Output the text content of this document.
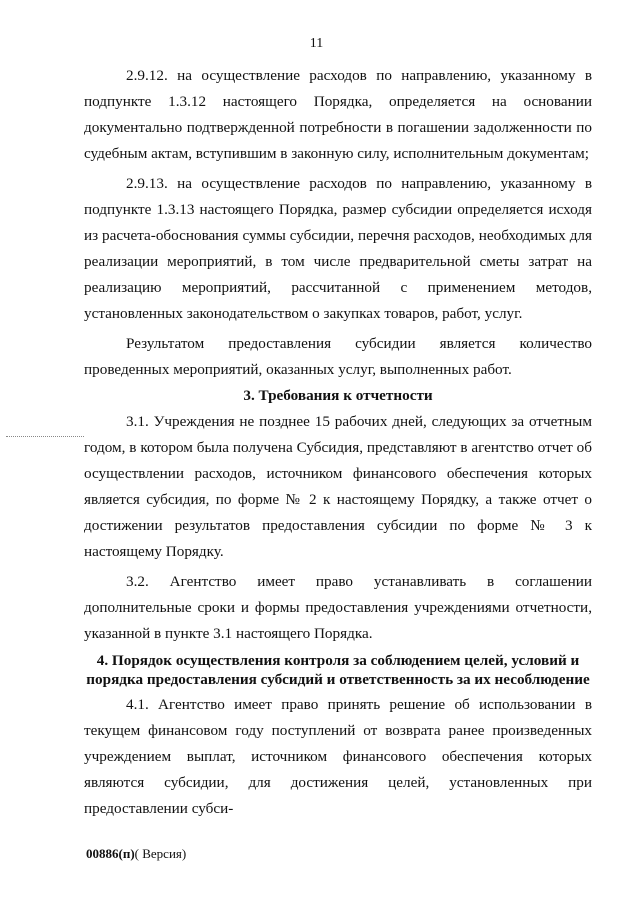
11

2.9.12. на осуществление расходов по направлению, указанному в подпункте 1.3.12 настоящего Порядка, определяется на основании документально подтвержденной потребности в погашении задолженности по судебным актам, вступившим в законную силу, исполнительным документам;

2.9.13. на осуществление расходов по направлению, указанному в подпункте 1.3.13 настоящего Порядка, размер субсидии определяется исходя из расчета-обоснования суммы субсидии, перечня расходов, необходимых для реализации мероприятий, в том числе предварительной сметы затрат на реализацию мероприятий, рассчитанной с применением методов, установленных законодательством о закупках товаров, работ, услуг.

Результатом предоставления субсидии является количество проведенных мероприятий, оказанных услуг, выполненных работ.

3. Требования к отчетности

3.1. Учреждения не позднее 15 рабочих дней, следующих за отчетным годом, в котором была получена Субсидия, представляют в агентство отчет об осуществлении расходов, источником финансового обеспечения которых является субсидия, по форме № 2 к настоящему Порядку, а также отчет о достижении результатов предоставления субсидии по форме № 3 к настоящему Порядку.

3.2. Агентство имеет право устанавливать в соглашении дополнительные сроки и формы предоставления учреждениями отчетности, указанной в пункте 3.1 настоящего Порядка.

4. Порядок осуществления контроля за соблюдением целей, условий и порядка предоставления субсидий и ответственность за их несоблюдение

4.1. Агентство имеет право принять решение об использовании в текущем финансовом году поступлений от возврата ранее произведенных учреждением выплат, источником финансового обеспечения которых являются субсидии, для достижения целей, установленных при предоставлении субси-

00886(п)( Версия)
